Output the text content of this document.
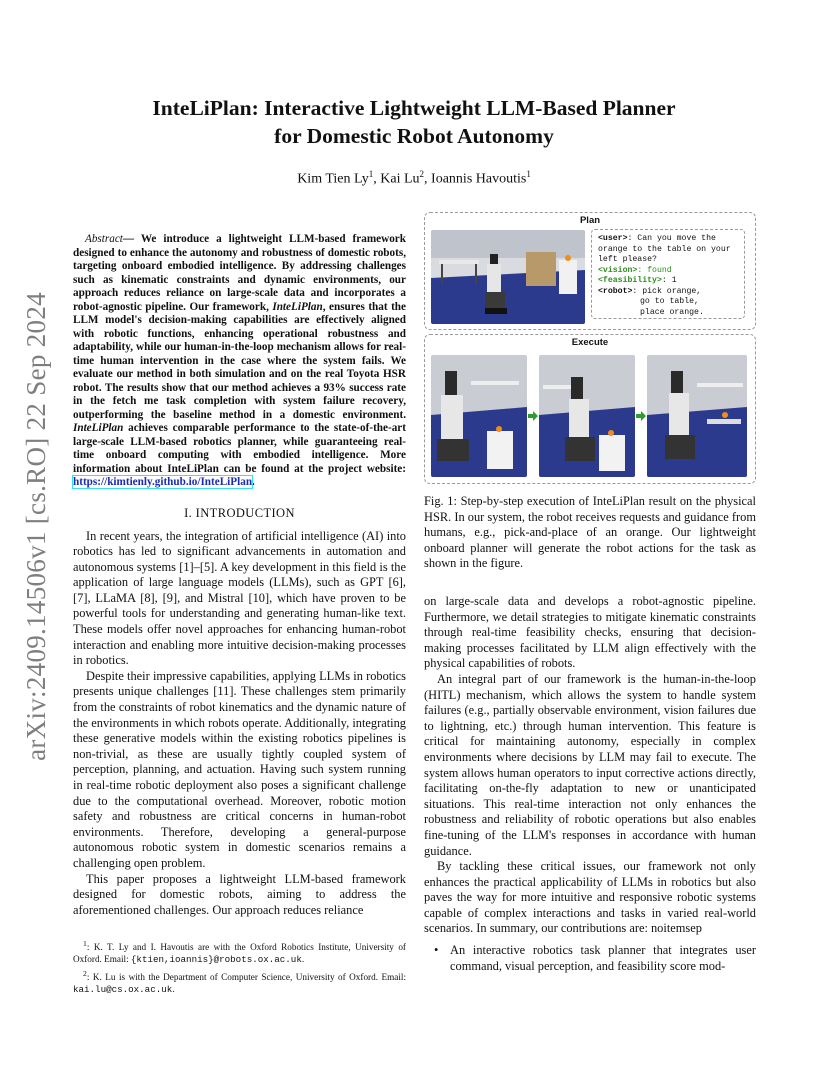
arXiv:2409.14506v1 [cs.RO] 22 Sep 2024
InteLiPlan: Interactive Lightweight LLM-Based Planner
for Domestic Robot Autonomy
Kim Tien Ly$^1$, Kai Lu$^2$, Ioannis Havoutis$^1$

Abstract— We introduce a lightweight LLM-based framework designed to enhance the autonomy and robustness of domestic robots, targeting onboard embodied intelligence. By addressing challenges such as kinematic constraints and dynamic environments, our approach reduces reliance on large-scale data and incorporates a robot-agnostic pipeline. Our framework, InteLiPlan, ensures that the LLM model's decision-making capabilities are effectively aligned with robotic functions, enhancing operational robustness and adaptability, while our human-in-the-loop mechanism allows for real-time human intervention in the case where the system fails. We evaluate our method in both simulation and on the real Toyota HSR robot. The results show that our method achieves a 93% success rate in the fetch me task completion with system failure recovery, outperforming the baseline method in a domestic environment. InteLiPlan achieves comparable performance to the state-of-the-art large-scale LLM-based robotics planner, while guaranteeing real-time onboard computing with embodied intelligence. More information about InteLiPlan can be found at the project website: https://kimtienly.github.io/InteLiPlan.

I. INTRODUCTION

In recent years, the integration of artificial intelligence (AI) into robotics has led to significant advancements in automation and autonomous systems [1]–[5]. A key development in this field is the application of large language models (LLMs), such as GPT [6], [7], LLaMA [8], [9], and Mistral [10], which have proven to be powerful tools for understanding and generating human-like text. These models offer novel approaches for enhancing human-robot interaction and enabling more intuitive decision-making processes in robotics.

Despite their impressive capabilities, applying LLMs in robotics presents unique challenges [11]. These challenges stem primarily from the constraints of robot kinematics and the dynamic nature of the environments in which robots operate. Additionally, integrating these generative models within the existing robotics pipelines is non-trivial, as these are usually tightly coupled system of perception, planning, and actuation. Having such system running in real-time robotic deployment also poses a significant challenge due to the computational overhead. Moreover, robotic motion safety and robustness are critical concerns in human-robot environments. Therefore, developing a general-purpose autonomous robotic system in domestic scenarios remains a challenging open problem.

This paper proposes a lightweight LLM-based framework designed for domestic robots, aiming to address the aforementioned challenges. Our approach reduces reliance

$^1$: K. T. Ly and I. Havoutis are with the Oxford Robotics Institute, University of Oxford. Email: {ktien,ioannis}@robots.ox.ac.uk.

$^2$: K. Lu is with the Department of Computer Science, University of Oxford. Email: kai.lu@cs.ox.ac.uk.

Plan
<user>: Can you move the orange to the table on your left please?
<vision>: found
<feasibility>: 1
<robot>: pick orange,
go to table,
place orange.
Execute

Fig. 1: Step-by-step execution of InteLiPlan result on the physical HSR. In our system, the robot receives requests and guidance from humans, e.g., pick-and-place of an orange. Our lightweight onboard planner will generate the robot actions for the task as shown in the figure.

on large-scale data and develops a robot-agnostic pipeline. Furthermore, we detail strategies to mitigate kinematic constraints through real-time feasibility checks, ensuring that decision-making processes facilitated by LLM align effectively with the physical capabilities of robots.

An integral part of our framework is the human-in-the-loop (HITL) mechanism, which allows the system to handle system failures (e.g., partially observable environment, vision failures due to lightning, etc.) through human intervention. This feature is critical for maintaining autonomy, especially in complex environments where decisions by LLM may fail to execute. The system allows human operators to input corrective actions directly, facilitating on-the-fly adaptation to new or unanticipated situations. This real-time interaction not only enhances the robustness and reliability of robotic operations but also enables fine-tuning of the LLM's responses in accordance with human guidance.

By tackling these critical issues, our framework not only enhances the practical applicability of LLMs in robotics but also paves the way for more intuitive and responsive robotic systems capable of complex interactions and tasks in varied real-world scenarios. In summary, our contributions are: noitemsep

• An interactive robotics task planner that integrates user command, visual perception, and feasibility score mod-
